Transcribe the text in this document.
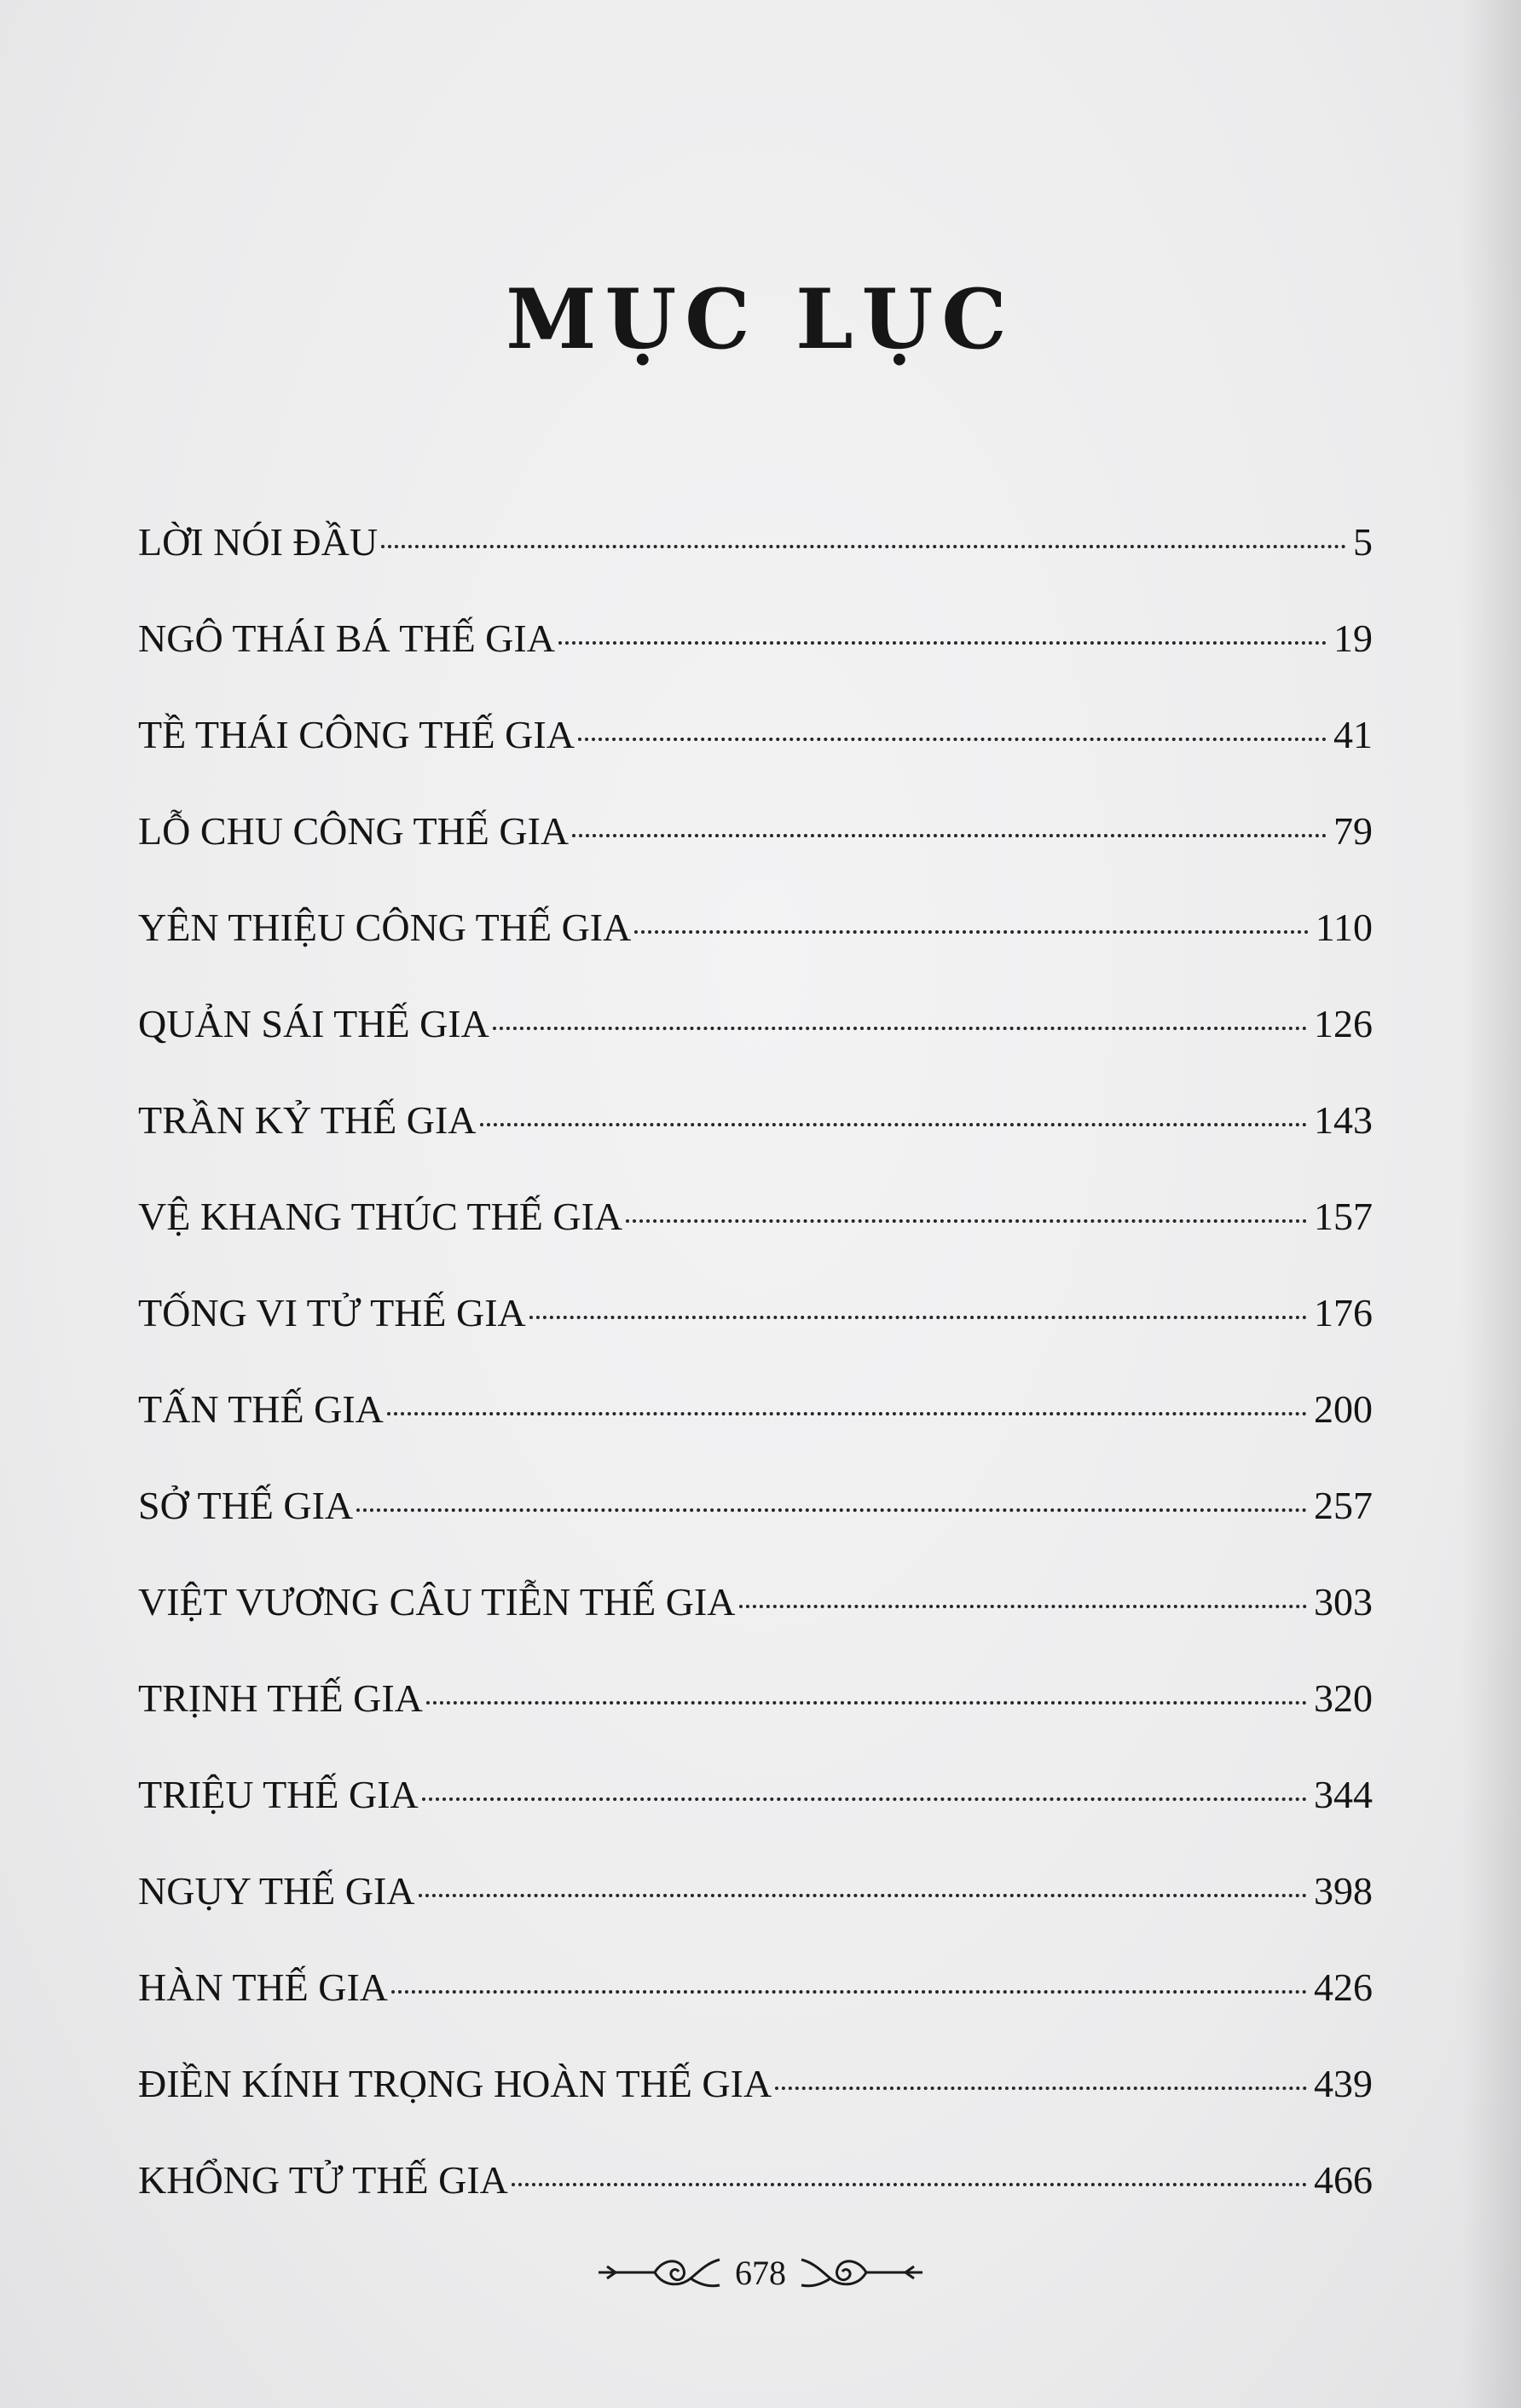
MỤC LỤC
LỜI NÓI ĐẦU	5
NGÔ THÁI BÁ THẾ GIA	19
TỀ THÁI CÔNG THẾ GIA	41
LỖ CHU CÔNG THẾ GIA	79
YÊN THIỆU CÔNG THẾ GIA	110
QUẢN SÁI THẾ GIA	126
TRẦN KỶ THẾ GIA	143
VỆ KHANG THÚC THẾ GIA	157
TỐNG VI TỬ THẾ GIA	176
TẤN THẾ GIA	200
SỞ THẾ GIA	257
VIỆT VƯƠNG CÂU TIỄN THẾ GIA	303
TRỊNH THẾ GIA	320
TRIỆU THẾ GIA	344
NGỤY THẾ GIA	398
HÀN THẾ GIA	426
ĐIỀN KÍNH TRỌNG HOÀN THẾ GIA	439
KHỔNG TỬ THẾ GIA	466
678
